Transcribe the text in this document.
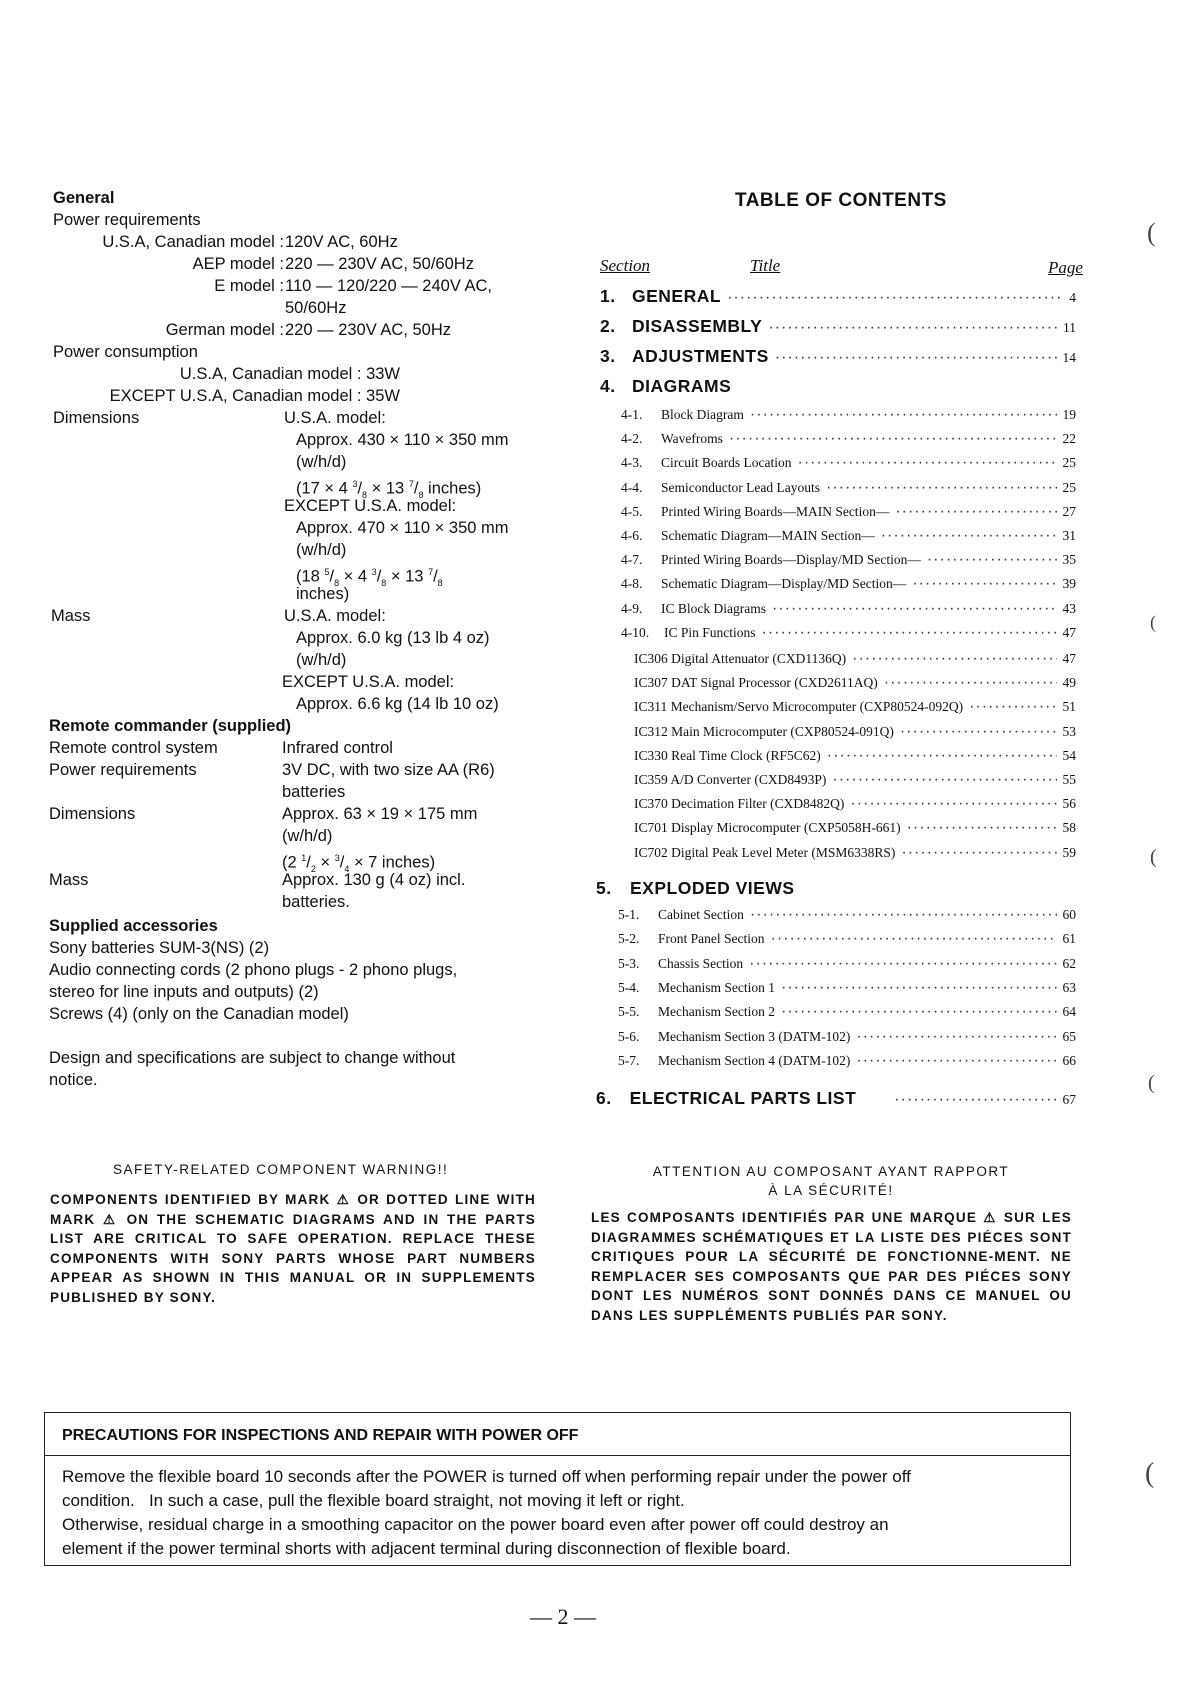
General
Power requirements
U.S.A, Canadian model : 120V AC, 60Hz
AEP model : 220 — 230V AC, 50/60Hz
E model : 110 — 120/220 — 240V AC,
50/60Hz
German model : 220 — 230V AC, 50Hz
Power consumption
U.S.A, Canadian model : 33W
EXCEPT U.S.A, Canadian model : 35W
Dimensions	U.S.A. model:
Approx. 430 × 110 × 350 mm
(w/h/d)
(17 × 4 $^3/_8 \times 13$ $^7/_8$ inches)
EXCEPT U.S.A. model:
Approx. 470 × 110 × 350 mm
(w/h/d)
(18 $^5/_8 \times 4$ $^3/_8 \times 13$ $^7/_8$
inches)
Mass	U.S.A. model:
Approx. 6.0 kg (13 lb 4 oz)
(w/h/d)
EXCEPT U.S.A. model:
Approx. 6.6 kg (14 lb 10 oz)
Remote commander (supplied)
Remote control system	Infrared control
Power requirements	3V DC, with two size AA (R6)
batteries
Dimensions	Approx. 63 × 19 × 175 mm
(w/h/d)
(2 $^1/_2 \times ^3/_4 \times 7$ inches)
Mass	Approx. 130 g (4 oz) incl.
batteries.
Supplied accessories
Sony batteries SUM-3(NS) (2)
Audio connecting cords (2 phono plugs - 2 phono plugs,
stereo for line inputs and outputs) (2)
Screws (4) (only on the Canadian model)
Design and specifications are subject to change without
notice.
TABLE OF CONTENTS
Section	Title	Page
1. GENERAL ·····	4
2. DISASSEMBLY ·····	11
3. ADJUSTMENTS ·····	14
4. DIAGRAMS
4-1.	Block Diagram ·····	19
4-2.	Wavefroms ·····	22
4-3.	Circuit Boards Location ·····	25
4-4.	Semiconductor Lead Layouts ·····	25
4-5.	Printed Wiring Boards—MAIN Section— ·····	27
4-6.	Schematic Diagram—MAIN Section— ·····	31
4-7.	Printed Wiring Boards—Display/MD Section— ·····	35
4-8.	Schematic Diagram—Display/MD Section— ·····	39
4-9.	IC Block Diagrams ·····	43
4-10.	IC Pin Functions ·····	47
IC306 Digital Attenuator (CXD1136Q) ·····	47
IC307 DAT Signal Processor (CXD2611AQ) ·····	49
IC311 Mechanism/Servo Microcomputer (CXP80524-092Q) ·····	51
IC312 Main Microcomputer (CXP80524-091Q) ·····	53
IC330 Real Time Clock (RF5C62) ·····	54
IC359 A/D Converter (CXD8493P) ·····	55
IC370 Decimation Filter (CXD8482Q) ·····	56
IC701 Display Microcomputer (CXP5058H-661) ·····	58
IC702 Digital Peak Level Meter (MSM6338RS) ·····	59
5. EXPLODED VIEWS
5-1.	Cabinet Section ·····	60
5-2.	Front Panel Section ·····	61
5-3.	Chassis Section ·····	62
5-4.	Mechanism Section 1 ·····	63
5-5.	Mechanism Section 2 ·····	64
5-6.	Mechanism Section 3 (DATM-102) ·····	65
5-7.	Mechanism Section 4 (DATM-102) ·····	66
6. ELECTRICAL PARTS LIST ·····	67
SAFETY-RELATED COMPONENT WARNING!!
COMPONENTS IDENTIFIED BY MARK ⚠ OR DOTTED LINE WITH MARK ⚠ ON THE SCHEMATIC DIAGRAMS AND IN THE PARTS LIST ARE CRITICAL TO SAFE OPERATION. REPLACE THESE COMPONENTS WITH SONY PARTS WHOSE PART NUMBERS APPEAR AS SHOWN IN THIS MANUAL OR IN SUPPLEMENTS PUBLISHED BY SONY.
ATTENTION AU COMPOSANT AYANT RAPPORT
À LA SÉCURITÉ!
LES COMPOSANTS IDENTIFIÉS PAR UNE MARQUE ⚠ SUR LES DIAGRAMMES SCHÉMATIQUES ET LA LISTE DES PIÉCES SONT CRITIQUES POUR LA SÉCURITÉ DE FONCTIONNE-MENT. NE REMPLACER SES COMPOSANTS QUE PAR DES PIÉCES SONY DONT LES NUMÉROS SONT DONNÉS DANS CE MANUEL OU DANS LES SUPPLÉMENTS PUBLIÉS PAR SONY.
PRECAUTIONS FOR INSPECTIONS AND REPAIR WITH POWER OFF
Remove the flexible board 10 seconds after the POWER is turned off when performing repair under the power off
condition.   In such a case, pull the flexible board straight, not moving it left or right.
Otherwise, residual charge in a smoothing capacitor on the power board even after power off could destroy an
element if the power terminal shorts with adjacent terminal during disconnection of flexible board.
— 2 —
(
(
(
(
(
